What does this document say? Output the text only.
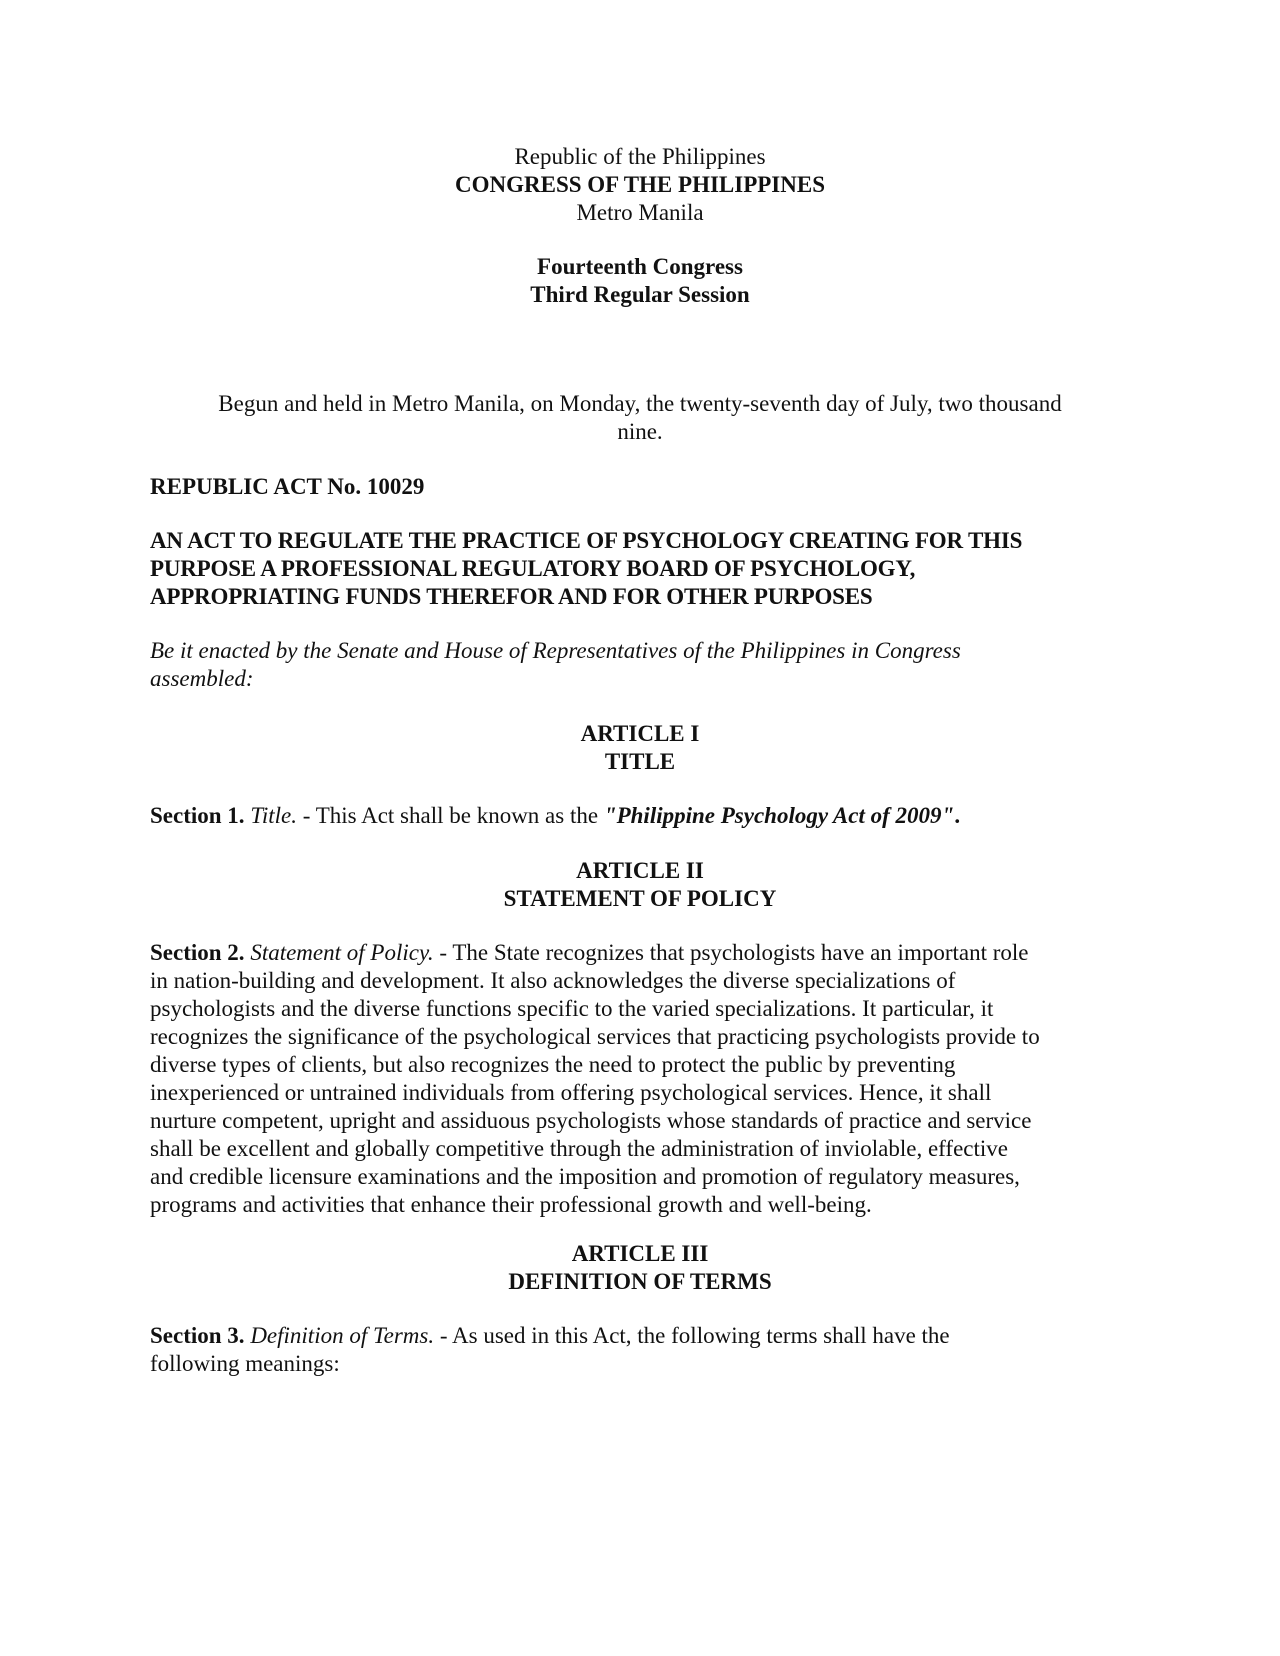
Republic of the Philippines
CONGRESS OF THE PHILIPPINES
Metro Manila
Fourteenth Congress
Third Regular Session
Begun and held in Metro Manila, on Monday, the twenty-seventh day of July, two thousand
nine.
REPUBLIC ACT No. 10029
AN ACT TO REGULATE THE PRACTICE OF PSYCHOLOGY CREATING FOR THIS
PURPOSE A PROFESSIONAL REGULATORY BOARD OF PSYCHOLOGY,
APPROPRIATING FUNDS THEREFOR AND FOR OTHER PURPOSES
Be it enacted by the Senate and House of Representatives of the Philippines in Congress
assembled:
ARTICLE I
TITLE
Section 1. Title. - This Act shall be known as the "Philippine Psychology Act of 2009".
ARTICLE II
STATEMENT OF POLICY
Section 2. Statement of Policy. - The State recognizes that psychologists have an important role
in nation-building and development. It also acknowledges the diverse specializations of
psychologists and the diverse functions specific to the varied specializations. It particular, it
recognizes the significance of the psychological services that practicing psychologists provide to
diverse types of clients, but also recognizes the need to protect the public by preventing
inexperienced or untrained individuals from offering psychological services. Hence, it shall
nurture competent, upright and assiduous psychologists whose standards of practice and service
shall be excellent and globally competitive through the administration of inviolable, effective
and credible licensure examinations and the imposition and promotion of regulatory measures,
programs and activities that enhance their professional growth and well-being.
ARTICLE III
DEFINITION OF TERMS
Section 3. Definition of Terms. - As used in this Act, the following terms shall have the
following meanings:
